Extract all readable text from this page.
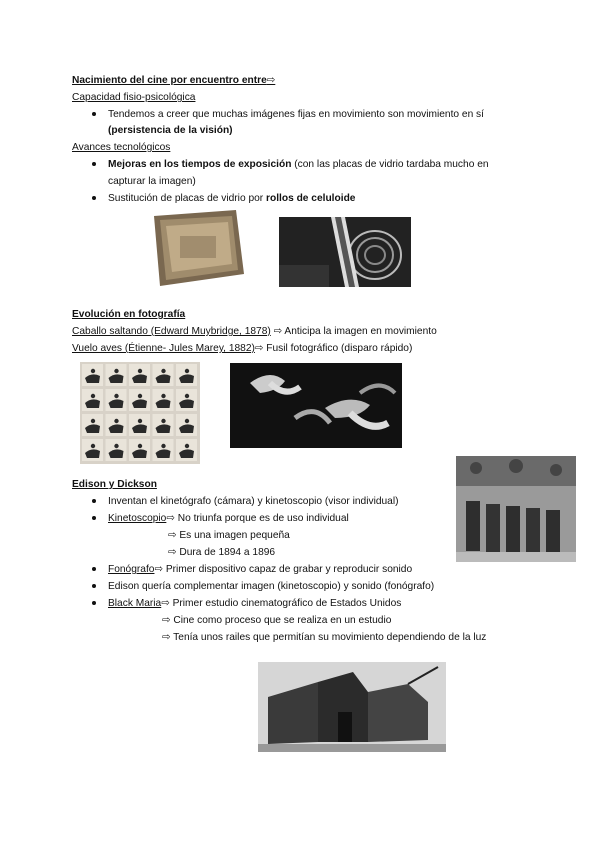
Nacimiento del cine por encuentro entre⇨
Capacidad fisio-psicológica
Tendemos a creer que muchas imágenes fijas en movimiento son movimiento en sí
(persistencia de la visión)
Avances tecnológicos
Mejoras en los tiempos de exposición (con las placas de vidrio tardaba mucho en
capturar la imagen)
Sustitución de placas de vidrio por rollos de celuloide
Evolución en fotografía
Caballo saltando (Edward Muybridge, 1878) ⇨ Anticipa la imagen en movimiento
Vuelo aves (Étienne- Jules Marey, 1882)⇨ Fusil fotográfico (disparo rápido)
Edison y Dickson
Inventan el kinetógrafo (cámara) y kinetoscopio (visor individual)
Kinetoscopio⇨ No triunfa porque es de uso individual
⇨ Es una imagen pequeña
⇨ Dura de 1894 a 1896
Fonógrafo⇨ Primer dispositivo capaz de grabar y reproducir sonido
Edison quería complementar imagen (kinetoscopio) y sonido (fonógrafo)
Black Maria⇨ Primer estudio cinematográfico de Estados Unidos
⇨ Cine como proceso que se realiza en un estudio
⇨ Tenía unos railes que permitían su movimiento dependiendo de la luz
